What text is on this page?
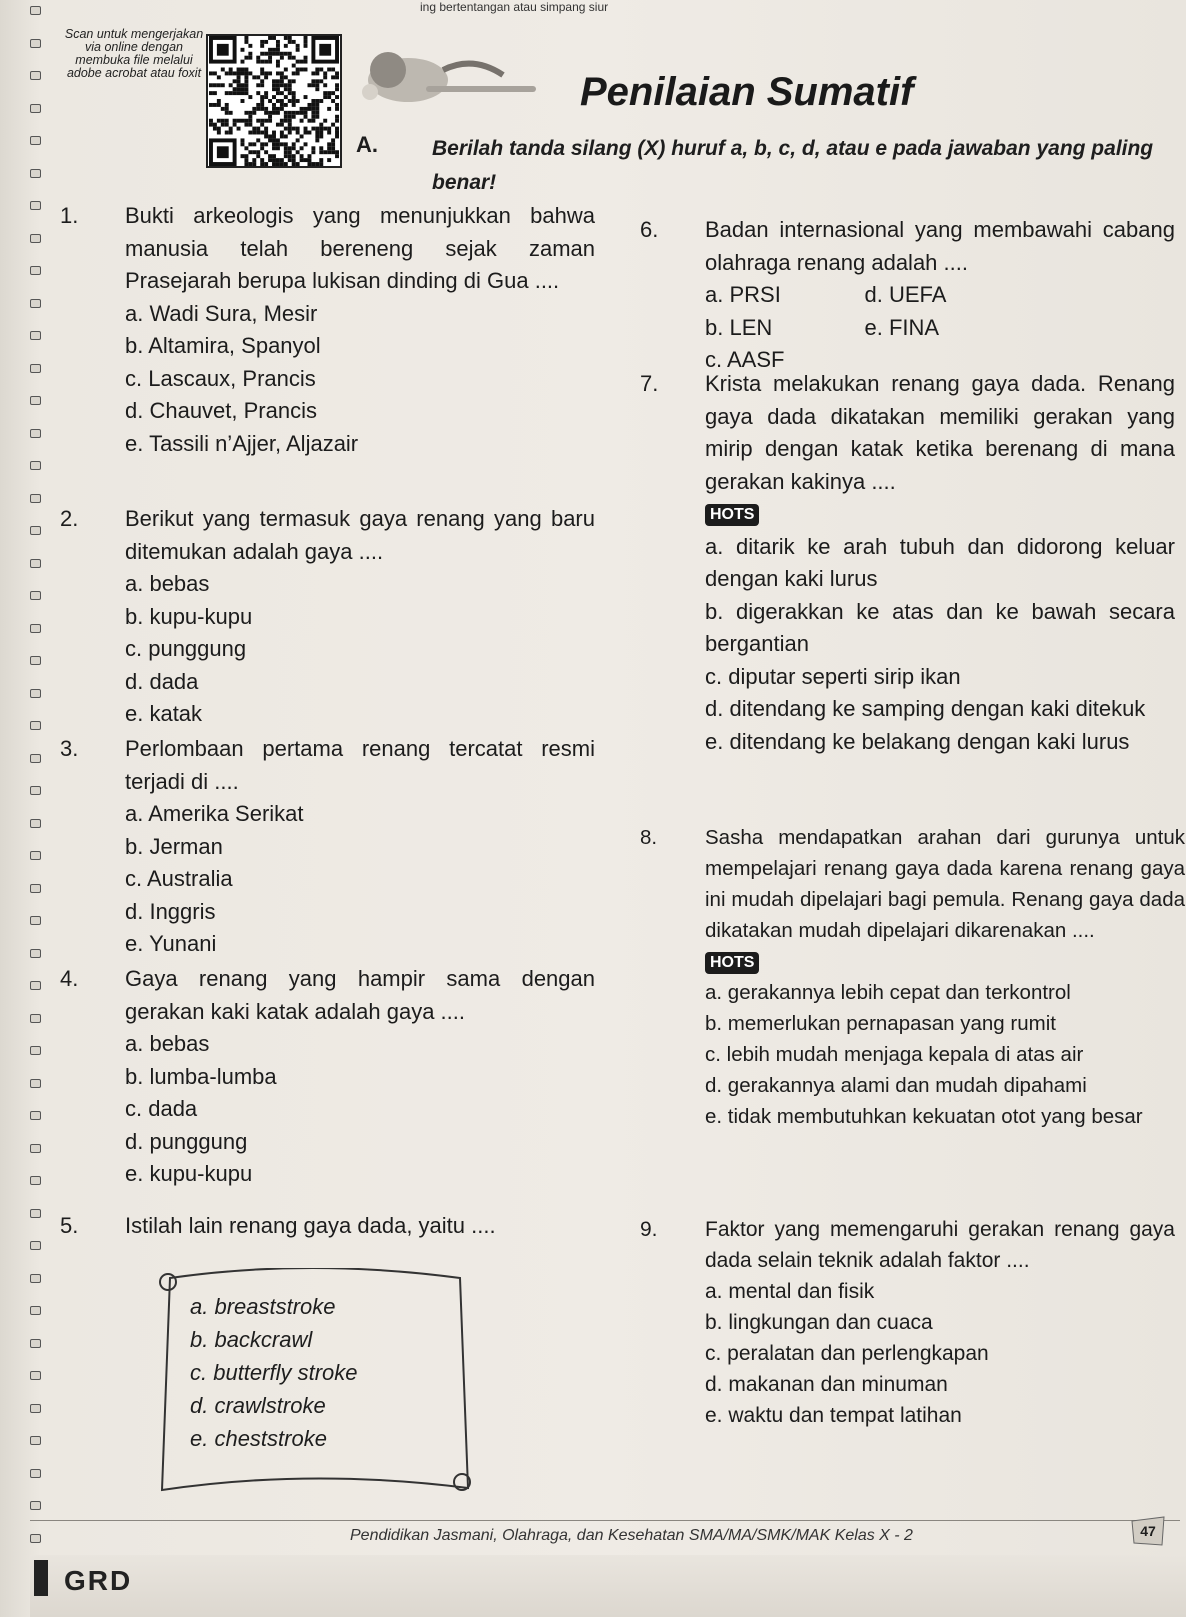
ing bertentangan atau simpang siur
Scan untuk mengerjakan via online dengan membuka file melalui adobe acrobat atau foxit	Penilaian Sumatif
A.	Berilah tanda silang (X) huruf a, b, c, d, atau e pada jawaban yang paling benar!
1. Bukti arkeologis yang menunjukkan bahwa manusia telah bereneng sejak zaman Prasejarah berupa lukisan dinding di Gua ....
a. Wadi Sura, Mesir
b. Altamira, Spanyol
c. Lascaux, Prancis
d. Chauvet, Prancis
e. Tassili n’Ajjer, Aljazair
2. Berikut yang termasuk gaya renang yang baru ditemukan adalah gaya ....
a. bebas
b. kupu-kupu
c. punggung
d. dada
e. katak
3. Perlombaan pertama renang tercatat resmi terjadi di ....
a. Amerika Serikat
b. Jerman
c. Australia
d. Inggris
e. Yunani
4. Gaya renang yang hampir sama dengan gerakan kaki katak adalah gaya ....
a. bebas
b. lumba-lumba
c. dada
d. punggung
e. kupu-kupu
5. Istilah lain renang gaya dada, yaitu ....
a. breaststroke
b. backcrawl
c. butterfly stroke
d. crawlstroke
e. cheststroke
6. Badan internasional yang membawahi cabang olahraga renang adalah ....
a. PRSI
b. LEN
c. AASF
d. UEFA
e. FINA
7. Krista melakukan renang gaya dada. Renang gaya dada dikatakan memiliki gerakan yang mirip dengan katak ketika berenang di mana gerakan kakinya ....
HOTS
a. ditarik ke arah tubuh dan didorong keluar dengan kaki lurus
b. digerakkan ke atas dan ke bawah secara bergantian
c. diputar seperti sirip ikan
d. ditendang ke samping dengan kaki ditekuk
e. ditendang ke belakang dengan kaki lurus
8. Sasha mendapatkan arahan dari gurunya untuk mempelajari renang gaya dada karena renang gaya ini mudah dipelajari bagi pemula. Renang gaya dada dikatakan mudah dipelajari dikarenakan ....
HOTS
a. gerakannya lebih cepat dan terkontrol
b. memerlukan pernapasan yang rumit
c. lebih mudah menjaga kepala di atas air
d. gerakannya alami dan mudah dipahami
e. tidak membutuhkan kekuatan otot yang besar
9. Faktor yang memengaruhi gerakan renang gaya dada selain teknik adalah faktor ....
a. mental dan fisik
b. lingkungan dan cuaca
c. peralatan dan perlengkapan
d. makanan dan minuman
e. waktu dan tempat latihan
Pendidikan Jasmani, Olahraga, dan Kesehatan SMA/MA/SMK/MAK Kelas X - 2	47
GRD
